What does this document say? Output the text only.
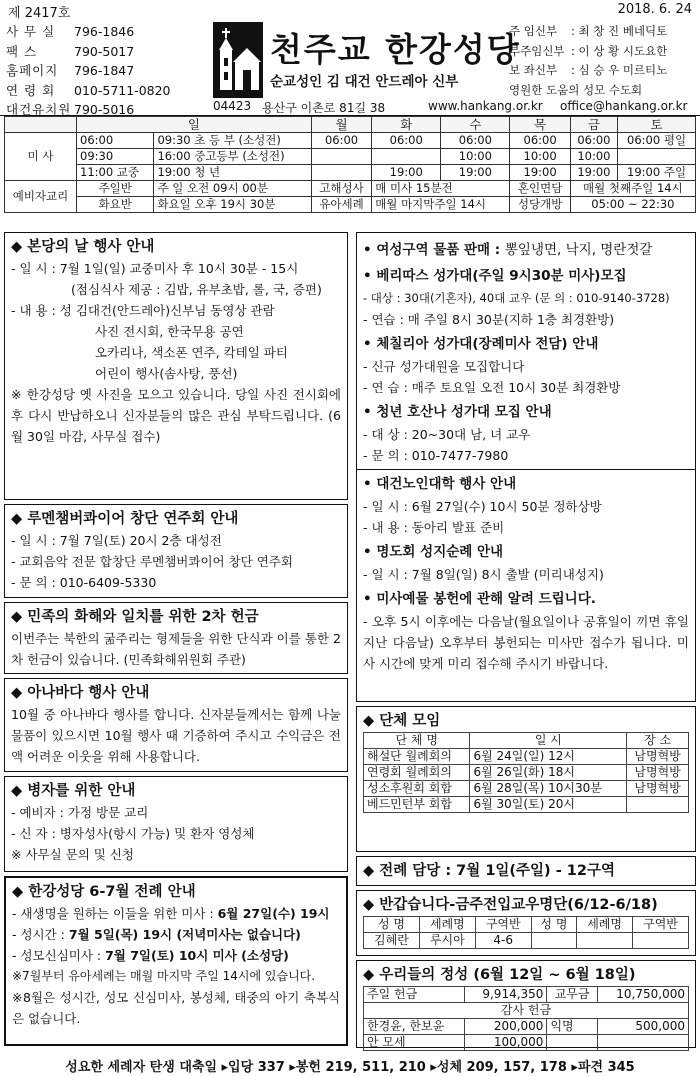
제 2417호	2018. 6. 24
사 무 실	796-1846
팩 스	790-5017
홈페이지	796-1847
연 령 회	010-5711-0820
대건유치원 790-5016
천주교 한강성당
순교성인 김 대건 안드레아 신부
주 임신부	: 최 창 진 베네딕토
부주임신부 : 이 상 황 시도요한
보 좌신부	: 심 승 우 미르티노
영원한 도움의 성모 수도회
04423 용산구 이촌로 81길 38	www.hankang.or.kr office@hankang.or.kr
	일		월	화	수	목	금	토
미 사	06:00	09:30 초 등 부 (소성전)	06:00	06:00	06:00	06:00	06:00	06:00 평일
	09:30	16:00 중고등부 (소성전)			10:00	10:00	10:00	
	11:00 교중	19:00 청 년		19:00	19:00	19:00	19:00	19:00 주일
예비자교리	주일반	주 일 오전 09시 00분	고해성사	매 미사 15분전		혼인면담	매월 첫째주일 14시	
	화요반	화요일 오후 19시 30분	유아세례	매월 마지막주일 14시		성당개방	05:00 ~ 22:30	
◆ 본당의 날 행사 안내
- 일 시 : 7월 1일(일) 교중미사 후 10시 30분 - 15시
(점심식사 제공 : 김밥, 유부초밥, 롤, 국, 증편)
- 내 용 : 성 김대건(안드레아)신부님 동영상 관람
사진 전시회, 한국무용 공연
오카리나, 색소폰 연주, 칵테일 파티
어린이 행사(솜사탕, 풍선)

※ 한강성당 옛 사진을 모으고 있습니다. 당일 사진 전시회에 후 다시 반납하오니 신자분들의 많은 관심 부탁드립니다. (6월 30일 마감, 사무실 접수)

◆ 루멘챔버콰이어 창단 연주회 안내
- 일 시 : 7월 7일(토) 20시 2층 대성전
- 교회음악 전문 합창단 루멘챔버콰이어 창단 연주회
- 문 의 : 010-6409-5330
◆ 민족의 화해와 일치를 위한 2차 헌금

이번주는 북한의 굶주리는 형제들을 위한 단식과 이를 통한 2차 헌금이 있습니다. (민족화해위원회 주관)

◆ 아나바다 행사 안내

10월 중 아나바다 행사를 합니다. 신자분들께서는 함께 나눌 물품이 있으시면 10월 행사 때 기증하여 주시고 수익금은 전액 어려운 이웃을 위해 사용합니다.

◆ 병자를 위한 안내
- 예비자 : 가정 방문 교리
- 신 자 : 병자성사(항시 가능) 및 환자 영성체
※ 사무실 문의 및 신청
◆ 한강성당 6-7월 전례 안내
- 새생명을 원하는 이들을 위한 미사 : 6월 27일(수) 19시
- 성시간 : 7월 5일(목) 19시 (저녁미사는 없습니다)
- 성모신심미사 : 7월 7일(토) 10시 미사 (소성당)
※7월부터 유아세례는 매월 마지막 주일 14시에 있습니다.

※8월은 성시간, 성모 신심미사, 봉성체, 태중의 아기 축복식은 없습니다.

• 여성구역 물품 판매 : 뽕잎냉면, 낙지, 명란젓갈
• 베리따스 성가대(주일 9시30분 미사)모집
- 대상 : 30대(기혼자), 40대 교우 (문 의 : 010-9140-3728)
- 연습 : 매 주일 8시 30분(지하 1층 최경환방)
• 체칠리아 성가대(장례미사 전담) 안내
- 신규 성가대원을 모집합니다
- 연 습 : 매주 토요일 오전 10시 30분 최경환방
• 청년 호산나 성가대 모집 안내
- 대 상 : 20~30대 남, 녀 교우
- 문 의 : 010-7477-7980
• 대건노인대학 행사 안내
- 일 시 : 6월 27일(수) 10시 50분 정하상방
- 내 용 : 동아리 발표 준비
• 명도회 성지순례 안내
- 일 시 : 7월 8일(일) 8시 출발 (미리내성지)
• 미사예물 봉헌에 관해 알려 드립니다.

- 오후 5시 이후에는 다음날(월요일이나 공휴일이 끼면 휴일 지난 다음날) 오후부터 봉헌되는 미사만 접수가 됩니다. 미사 시간에 맞게 미리 접수해 주시기 바랍니다.

◆ 단체 모임
단 체 명	일 시	장 소
해설단 월례회의	6월 24일(일) 12시	남명혁방
연령회 월례회의	6월 26일(화) 18시	남명혁방
성소후원회 회합	6월 28일(목) 10시30분	남명혁방
베드민턴부 회합	6월 30일(토) 20시	
◆ 전례 담당 : 7월 1일(주일) - 12구역
◆ 반갑습니다-금주전입교우명단(6/12-6/18)
성 명	세례명	구역반	성 명	세례명	구역반
김혜란	루시아	4-6			
◆ 우리들의 정성 (6월 12일 ~ 6월 18일)
주일 헌금	9,914,350	교무금	10,750,000
감사 헌금			
한경윤, 한보윤	200,000	익명	500,000
안 모세	100,000		
성요한 세례자 탄생 대축일 ▸입당 337 ▸봉헌 219, 511, 210 ▸성체 209, 157, 178 ▸파견 345
